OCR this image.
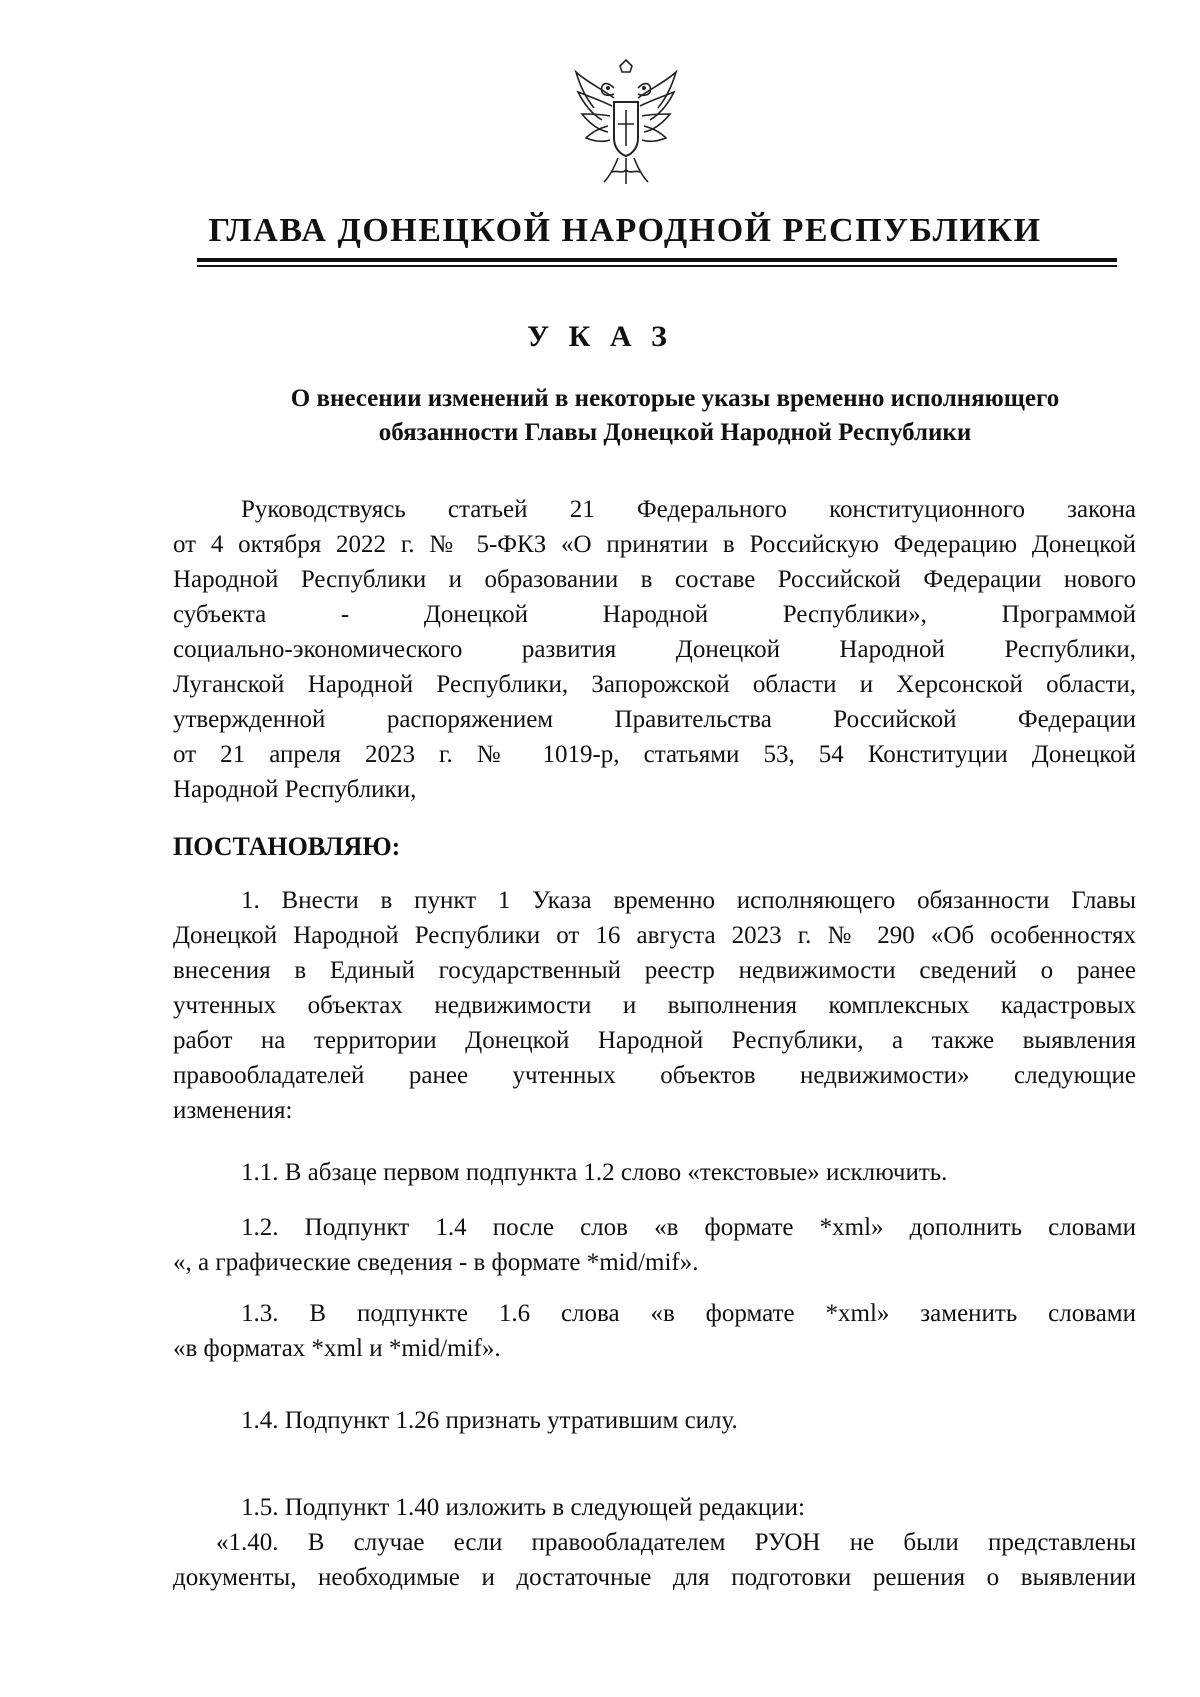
ГЛАВА ДОНЕЦКОЙ НАРОДНОЙ РЕСПУБЛИКИ
У К А З
О внесении изменений в некоторые указы временно исполняющего
обязанности Главы Донецкой Народной Республики
Руководствуясь статьей 21 Федерального конституционного закона
от 4 октября 2022 г. № 5-ФКЗ «О принятии в Российскую Федерацию Донецкой
Народной Республики и образовании в составе Российской Федерации нового
субъекта - Донецкой Народной Республики», Программой
социально-экономического развития Донецкой Народной Республики,
Луганской Народной Республики, Запорожской области и Херсонской области,
утвержденной распоряжением Правительства Российской Федерации
от 21 апреля 2023 г. № 1019-р, статьями 53, 54 Конституции Донецкой
Народной Республики,
ПОСТАНОВЛЯЮ:
1. Внести в пункт 1 Указа временно исполняющего обязанности Главы
Донецкой Народной Республики от 16 августа 2023 г. № 290 «Об особенностях
внесения в Единый государственный реестр недвижимости сведений о ранее
учтенных объектах недвижимости и выполнения комплексных кадастровых
работ на территории Донецкой Народной Республики, а также выявления
правообладателей ранее учтенных объектов недвижимости» следующие
изменения:
1.1. В абзаце первом подпункта 1.2 слово «текстовые» исключить.
1.2. Подпункт 1.4 после слов «в формате *xml» дополнить словами
«, а графические сведения - в формате *mid/mif».
1.3. В подпункте 1.6 слова «в формате *xml» заменить словами
«в форматах *xml и *mid/mif».
1.4. Подпункт 1.26 признать утратившим силу.
1.5. Подпункт 1.40 изложить в следующей редакции:
«1.40. В случае если правообладателем РУОН не были представлены
документы, необходимые и достаточные для подготовки решения о выявлении
